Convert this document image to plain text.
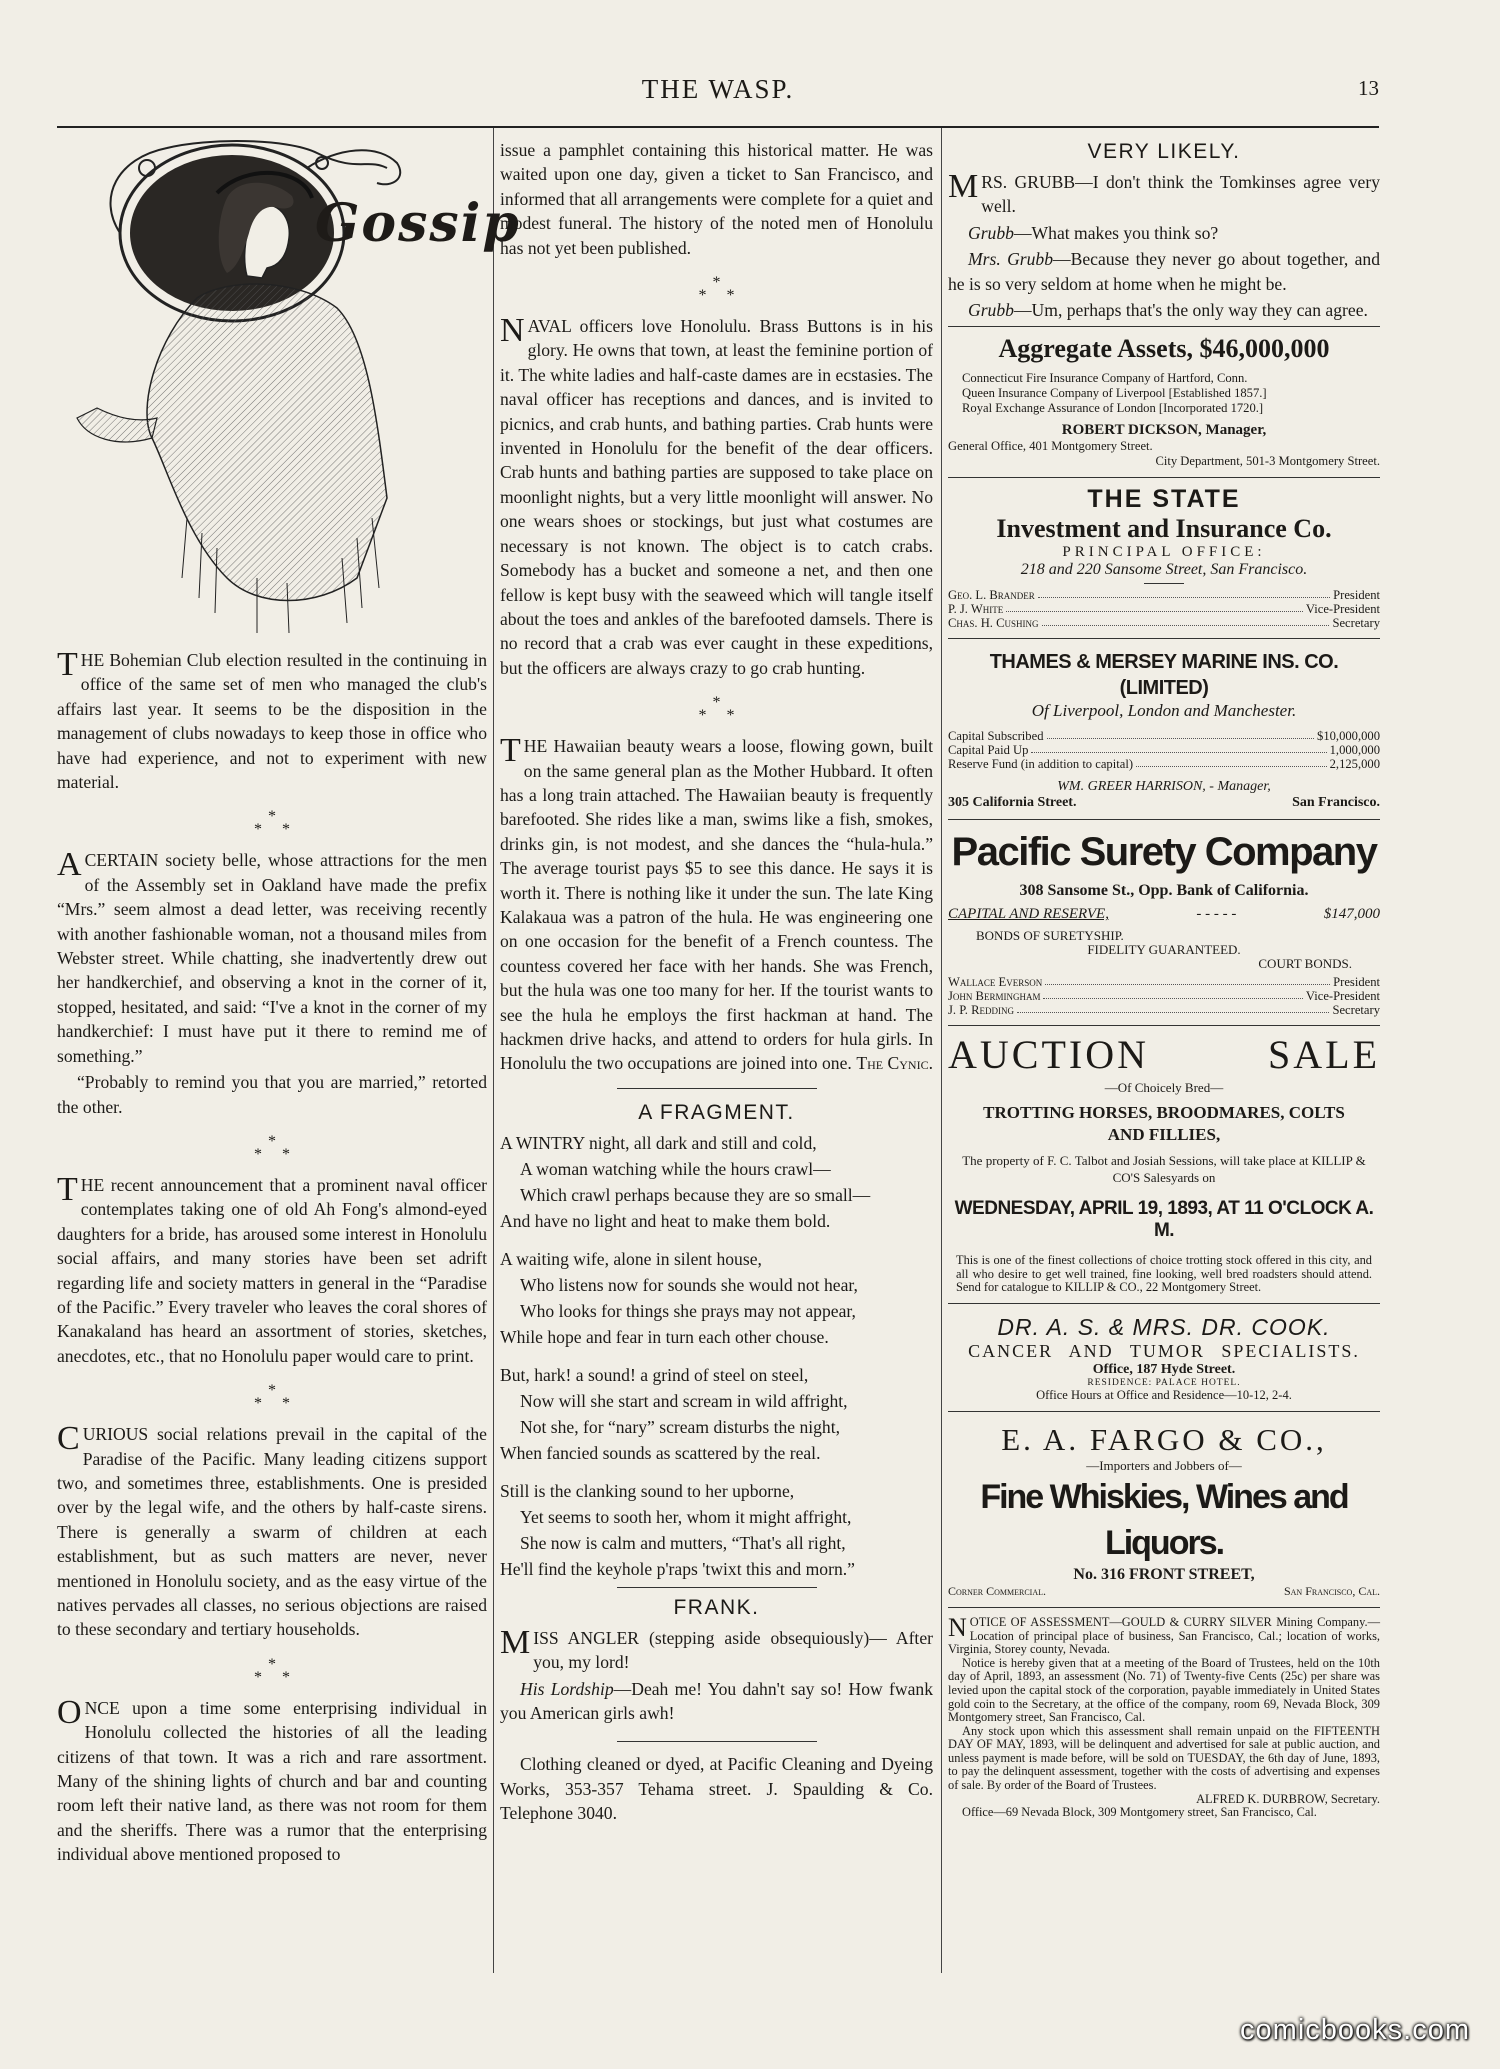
THE WASP.	13
Gossip

THE Bohemian Club election resulted in the continuing in office of the same set of men who managed the club's affairs last year. It seems to be the disposition in the management of clubs nowadays to keep those in office who have had experience, and not to experiment with new material.

*
*     *

A CERTAIN society belle, whose attractions for the men of the Assembly set in Oakland have made the prefix “Mrs.” seem almost a dead letter, was receiving recently with another fashionable woman, not a thousand miles from Webster street. While chatting, she inadvertently drew out her handkerchief, and observing a knot in the corner of it, stopped, hesitated, and said: “I've a knot in the corner of my handkerchief: I must have put it there to remind me of something.”

“Probably to remind you that you are married,” retorted the other.

*
*     *

THE recent announcement that a prominent naval officer contemplates taking one of old Ah Fong's almond-eyed daughters for a bride, has aroused some interest in Honolulu social affairs, and many stories have been set adrift regarding life and society matters in general in the “Paradise of the Pacific.” Every traveler who leaves the coral shores of Kanakaland has heard an assortment of stories, sketches, anecdotes, etc., that no Honolulu paper would care to print.

*
*     *

CURIOUS social relations prevail in the capital of the Paradise of the Pacific. Many leading citizens support two, and sometimes three, establishments. One is presided over by the legal wife, and the others by half-caste sirens. There is generally a swarm of children at each establishment, but as such matters are never, never mentioned in Honolulu society, and as the easy virtue of the natives pervades all classes, no serious objections are raised to these secondary and tertiary households.

*
*     *

ONCE upon a time some enterprising individual in Honolulu collected the histories of all the leading citizens of that town. It was a rich and rare assortment. Many of the shining lights of church and bar and counting room left their native land, as there was not room for them and the sheriffs. There was a rumor that the enterprising individual above mentioned proposed to

issue a pamphlet containing this historical matter. He was waited upon one day, given a ticket to San Francisco, and informed that all arrangements were complete for a quiet and modest funeral. The history of the noted men of Honolulu has not yet been published.

*
*     *

NAVAL officers love Honolulu. Brass Buttons is in his glory. He owns that town, at least the feminine portion of it. The white ladies and half-caste dames are in ecstasies. The naval officer has receptions and dances, and is invited to picnics, and crab hunts, and bathing parties. Crab hunts were invented in Honolulu for the benefit of the dear officers. Crab hunts and bathing parties are supposed to take place on moonlight nights, but a very little moonlight will answer. No one wears shoes or stockings, but just what costumes are necessary is not known. The object is to catch crabs. Somebody has a bucket and someone a net, and then one fellow is kept busy with the seaweed which will tangle itself about the toes and ankles of the barefooted damsels. There is no record that a crab was ever caught in these expeditions, but the officers are always crazy to go crab hunting.

*
*     *

THE Hawaiian beauty wears a loose, flowing gown, built on the same general plan as the Mother Hubbard. It often has a long train attached. The Hawaiian beauty is frequently barefooted. She rides like a man, swims like a fish, smokes, drinks gin, is not modest, and she dances the “hula-hula.” The average tourist pays $5 to see this dance. He says it is worth it. There is nothing like it under the sun. The late King Kalakaua was a patron of the hula. He was engineering one on one occasion for the benefit of a French countess. The countess covered her face with her hands. She was French, but the hula was one too many for her. If the tourist wants to see the hula he employs the first hackman at hand. The hackmen drive hacks, and attend to orders for hula girls. In Honolulu the two occupations are joined into one. The Cynic.

A FRAGMENT.

A WINTRY night, all dark and still and cold,

A woman watching while the hours crawl—

Which crawl perhaps because they are so small—

And have no light and heat to make them bold.

A waiting wife, alone in silent house,

Who listens now for sounds she would not hear,

Who looks for things she prays may not appear,

While hope and fear in turn each other chouse.

But, hark! a sound! a grind of steel on steel,

Now will she start and scream in wild affright,

Not she, for “nary” scream disturbs the night,

When fancied sounds as scattered by the real.

Still is the clanking sound to her upborne,

Yet seems to sooth her, whom it might affright,

She now is calm and mutters, “That's all right,

He'll find the keyhole p'raps 'twixt this and morn.”

FRANK.

MISS ANGLER (stepping aside obsequiously)— After you, my lord!

His Lordship—Deah me! You dahn't say so! How fwank you American girls awh!

Clothing cleaned or dyed, at Pacific Cleaning and Dyeing Works, 353-357 Tehama street. J. Spaulding & Co. Telephone 3040.

VERY LIKELY.

MRS. GRUBB—I don't think the Tomkinses agree very well.

Grubb—What makes you think so?

Mrs. Grubb—Because they never go about together, and he is so very seldom at home when he might be.

Grubb—Um, perhaps that's the only way they can agree.

Aggregate Assets, $46,000,000
Connecticut Fire Insurance Company of Hartford, Conn.
Queen Insurance Company of Liverpool [Established 1857.]
Royal Exchange Assurance of London [Incorporated 1720.]
ROBERT DICKSON, Manager,
General Office, 401 Montgomery Street.
City Department, 501-3 Montgomery Street.
THE STATE
Investment and Insurance Co.
PRINCIPAL OFFICE:
218 and 220 Sansome Street, San Francisco.
Geo. L. Brander	President
P. J. White	Vice-President
Chas. H. Cushing	Secretary
THAMES & MERSEY MARINE INS. CO. (LIMITED)
Of Liverpool, London and Manchester.
Capital Subscribed	$10,000,000
Capital Paid Up	1,000,000
Reserve Fund (in addition to capital)	2,125,000
WM. GREER HARRISON, - Manager,
305 California Street.	San Francisco.
Pacific Surety Company
308 Sansome St., Opp. Bank of California.
CAPITAL AND RESERVE,	- - - - -	$147,000
BONDS OF SURETYSHIP.
FIDELITY GUARANTEED.
COURT BONDS.
Wallace Everson	President
John Bermingham	Vice-President
J. P. Redding	Secretary
AUCTION	SALE
—Of Choicely Bred—
TROTTING HORSES, BROODMARES, COLTS
AND FILLIES,
The property of F. C. Talbot and Josiah Sessions, will take place at KILLIP & CO'S Salesyards on
WEDNESDAY, APRIL 19, 1893, AT 11 O'CLOCK A. M.
This is one of the finest collections of choice trotting stock offered in this city, and all who desire to get well trained, fine looking, well bred roadsters should attend. Send for catalogue to KILLIP & CO., 22 Montgomery Street.
DR. A. S. & MRS. DR. COOK.
CANCER AND TUMOR SPECIALISTS.
Office, 187 Hyde Street.
RESIDENCE: PALACE HOTEL.
Office Hours at Office and Residence—10-12, 2-4.
E. A. FARGO & CO.,
—Importers and Jobbers of—
Fine Whiskies, Wines and Liquors.
No. 316 FRONT STREET,
Corner Commercial.	San Francisco, Cal.
NOTICE OF ASSESSMENT—GOULD & CURRY SILVER Mining Company.—Location of principal place of business, San Francisco, Cal.; location of works, Virginia, Storey county, Nevada.
Notice is hereby given that at a meeting of the Board of Trustees, held on the 10th day of April, 1893, an assessment (No. 71) of Twenty-five Cents (25c) per share was levied upon the capital stock of the corporation, payable immediately in United States gold coin to the Secretary, at the office of the company, room 69, Nevada Block, 309 Montgomery street, San Francisco, Cal.
Any stock upon which this assessment shall remain unpaid on the FIFTEENTH DAY OF MAY, 1893, will be delinquent and advertised for sale at public auction, and unless payment is made before, will be sold on TUESDAY, the 6th day of June, 1893, to pay the delinquent assessment, together with the costs of advertising and expenses of sale. By order of the Board of Trustees.
ALFRED K. DURBROW, Secretary.
Office—69 Nevada Block, 309 Montgomery street, San Francisco, Cal.
comicbooks.com
